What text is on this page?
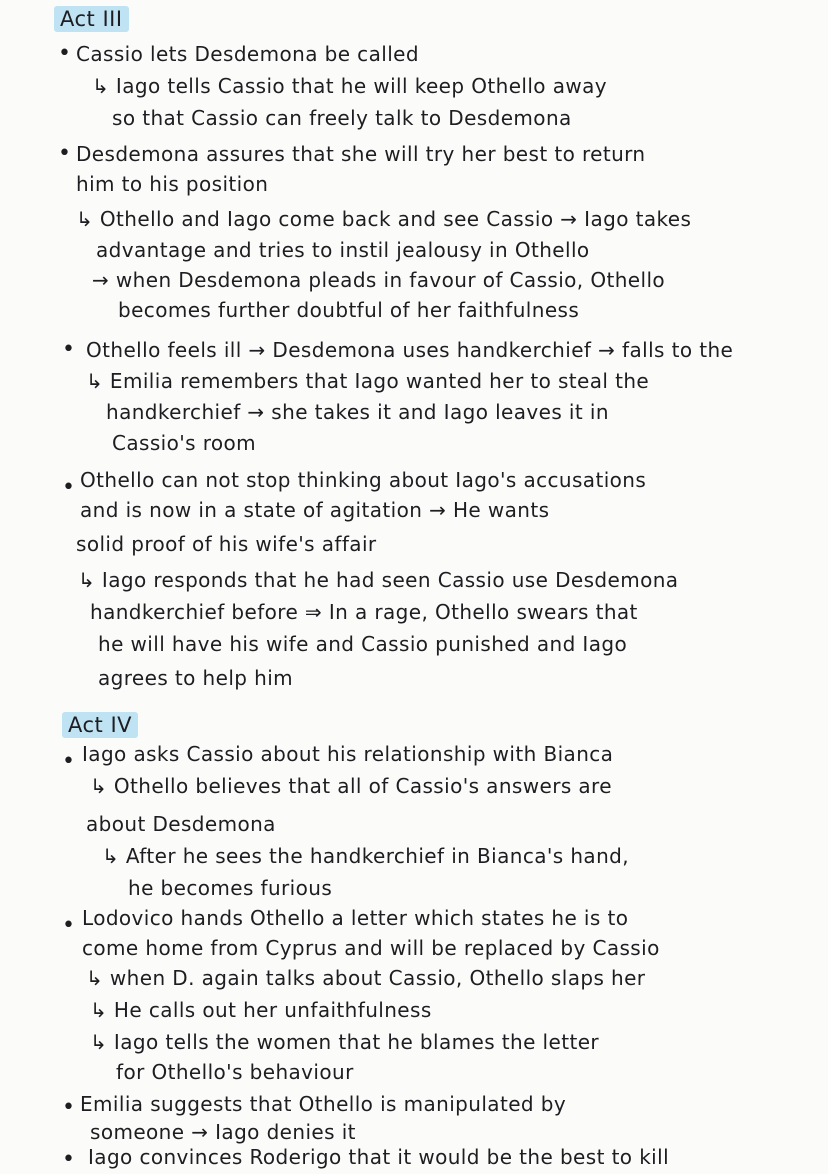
Act III
• Cassio lets Desdemona be called
↳ Iago tells Cassio that he will keep Othello away
so that Cassio can freely talk to Desdemona
• Desdemona assures that she will try her best to return
him to his position
↳ Othello and Iago come back and see Cassio → Iago takes
advantage and tries to instil jealousy in Othello
→ when Desdemona pleads in favour of Cassio, Othello
becomes further doubtful of her faithfulness
• Othello feels ill → Desdemona uses handkerchief → falls to the
↳ Emilia remembers that Iago wanted her to steal the
handkerchief → she takes it and Iago leaves it in
Cassio's room
• Othello can not stop thinking about Iago's accusations
and is now in a state of agitation → He wants
solid proof of his wife's affair
↳ Iago responds that he had seen Cassio use Desdemona
handkerchief before ⇒ In a rage, Othello swears that
he will have his wife and Cassio punished and Iago
agrees to help him
Act IV
• Iago asks Cassio about his relationship with Bianca
↳ Othello believes that all of Cassio's answers are
about Desdemona
↳ After he sees the handkerchief in Bianca's hand,
he becomes furious
• Lodovico hands Othello a letter which states he is to
come home from Cyprus and will be replaced by Cassio
↳ when D. again talks about Cassio, Othello slaps her
↳ He calls out her unfaithfulness
↳ Iago tells the women that he blames the letter
for Othello's behaviour
• Emilia suggests that Othello is manipulated by
someone → Iago denies it
• Iago convinces Roderigo that it would be the best to kill
